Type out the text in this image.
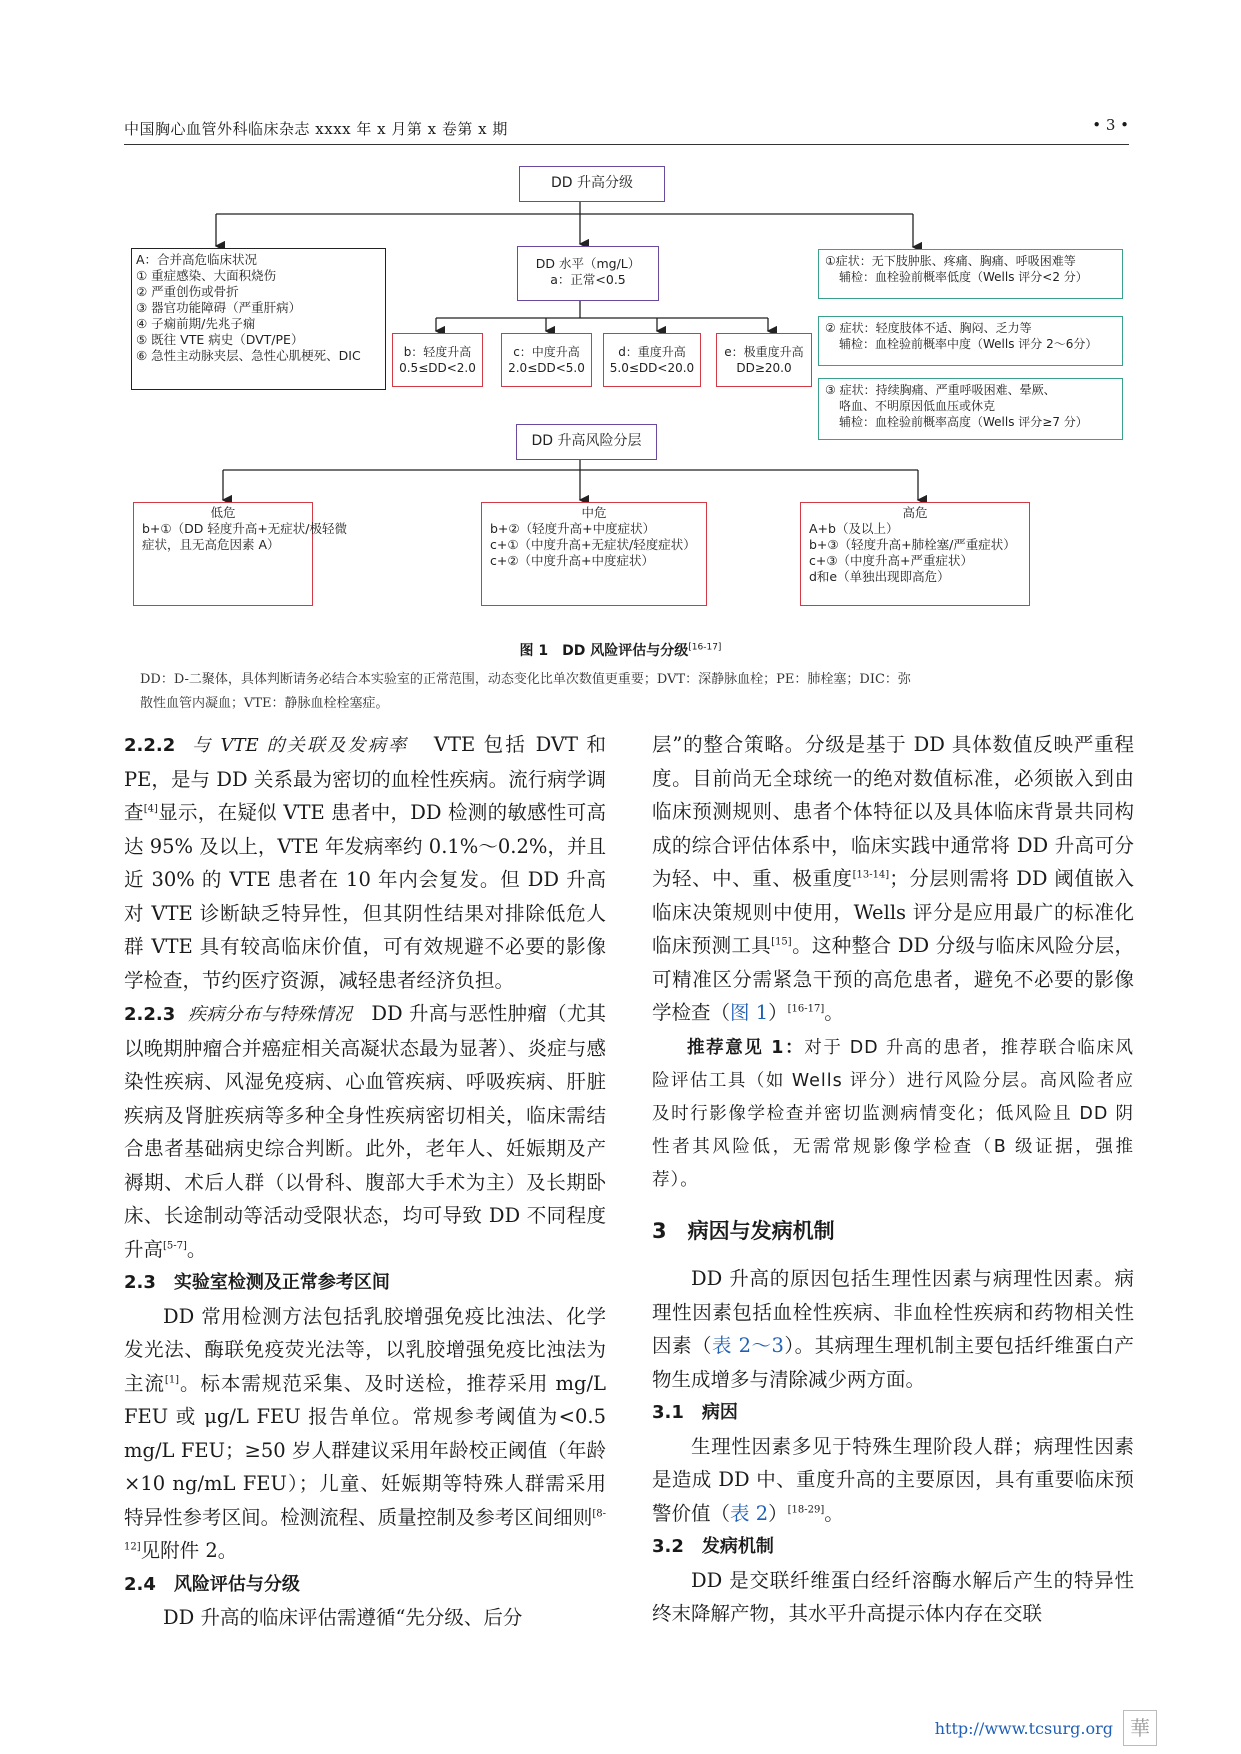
中国胸心血管外科临床杂志 xxxx 年 x 月第 x 卷第 x 期	• 3 •
DD 升高分级
A：合并高危临床状况
① 重症感染、大面积烧伤
② 严重创伤或骨折
③ 器官功能障碍（严重肝病）
④ 子痫前期/先兆子痫
⑤ 既往 VTE 病史（DVT/PE）
⑥ 急性主动脉夹层、急性心肌梗死、DIC
DD 水平（mg/L）
a：正常<0.5
b：轻度升高
0.5≤DD<2.0
c：中度升高
2.0≤DD<5.0
d：重度升高
5.0≤DD<20.0
e：极重度升高
DD≥20.0
①症状：无下肢肿胀、疼痛、胸痛、呼吸困难等
辅检：血栓验前概率低度（Wells 评分<2 分）
② 症状：轻度肢体不适、胸闷、乏力等
辅检：血栓验前概率中度（Wells 评分 2～6分）
③ 症状：持续胸痛、严重呼吸困难、晕厥、
咯血、不明原因低血压或休克
辅检：血栓验前概率高度（Wells 评分≥7 分）
DD 升高风险分层
低危
b+①（DD 轻度升高+无症状/极轻微
症状，且无高危因素 A）
中危
b+②（轻度升高+中度症状）
c+①（中度升高+无症状/轻度症状）
c+②（中度升高+中度症状）
高危
A+b（及以上）
b+③（轻度升高+肺栓塞/严重症状）
c+③（中度升高+严重症状）
d和e（单独出现即高危）
图 1　DD 风险评估与分级[16-17]
DD：D-二聚体，具体判断请务必结合本实验室的正常范围，动态变化比单次数值更重要；DVT：深静脉血栓；PE：肺栓塞；DIC：弥
散性血管内凝血；VTE：静脉血栓栓塞症。

2.2.2 与 VTE 的关联及发病率 VTE 包括 DVT 和 PE，是与 DD 关系最为密切的血栓性疾病。流行病学调查[4]显示，在疑似 VTE 患者中，DD 检测的敏感性可高达 95% 及以上，VTE 年发病率约 0.1%～0.2%，并且近 30% 的 VTE 患者在 10 年内会复发。但 DD 升高对 VTE 诊断缺乏特异性，但其阴性结果对排除低危人群 VTE 具有较高临床价值，可有效规避不必要的影像学检查，节约医疗资源，减轻患者经济负担。

2.2.3 疾病分布与特殊情况 DD 升高与恶性肿瘤（尤其以晚期肿瘤合并癌症相关高凝状态最为显著）、炎症与感染性疾病、风湿免疫病、心血管疾病、呼吸疾病、肝脏疾病及肾脏疾病等多种全身性疾病密切相关，临床需结合患者基础病史综合判断。此外，老年人、妊娠期及产褥期、术后人群（以骨科、腹部大手术为主）及长期卧床、长途制动等活动受限状态，均可导致 DD 不同程度升高[5-7]。

2.3　实验室检测及正常参考区间

DD 常用检测方法包括乳胶增强免疫比浊法、化学发光法、酶联免疫荧光法等，以乳胶增强免疫比浊法为主流[1]。标本需规范采集、及时送检，推荐采用 mg/L FEU 或 μg/L FEU 报告单位。常规参考阈值为<0.5 mg/L FEU；≥50 岁人群建议采用年龄校正阈值（年龄×10 ng/mL FEU）；儿童、妊娠期等特殊人群需采用特异性参考区间。检测流程、质量控制及参考区间细则[8-12]见附件 2。

2.4　风险评估与分级

DD 升高的临床评估需遵循“先分级、后分

层”的整合策略。分级是基于 DD 具体数值反映严重程度。目前尚无全球统一的绝对数值标准，必须嵌入到由临床预测规则、患者个体特征以及具体临床背景共同构成的综合评估体系中，临床实践中通常将 DD 升高可分为轻、中、重、极重度[13-14]；分层则需将 DD 阈值嵌入临床决策规则中使用，Wells 评分是应用最广的标准化临床预测工具[15]。这种整合 DD 分级与临床风险分层，可精准区分需紧急干预的高危患者，避免不必要的影像学检查（图 1）[16-17]。

推荐意见 1：对于 DD 升高的患者，推荐联合临床风险评估工具（如 Wells 评分）进行风险分层。高风险者应及时行影像学检查并密切监测病情变化；低风险且 DD 阴性者其风险低，无需常规影像学检查（B 级证据，强推荐）。

3　病因与发病机制

DD 升高的原因包括生理性因素与病理性因素。病理性因素包括血栓性疾病、非血栓性疾病和药物相关性因素（表 2～3）。其病理生理机制主要包括纤维蛋白产物生成增多与清除减少两方面。

3.1　病因

生理性因素多见于特殊生理阶段人群；病理性因素是造成 DD 中、重度升高的主要原因，具有重要临床预警价值（表 2）[18-29]。

3.2　发病机制

DD 是交联纤维蛋白经纤溶酶水解后产生的特异性终末降解产物，其水平升高提示体内存在交联

http://www.tcsurg.org 華
